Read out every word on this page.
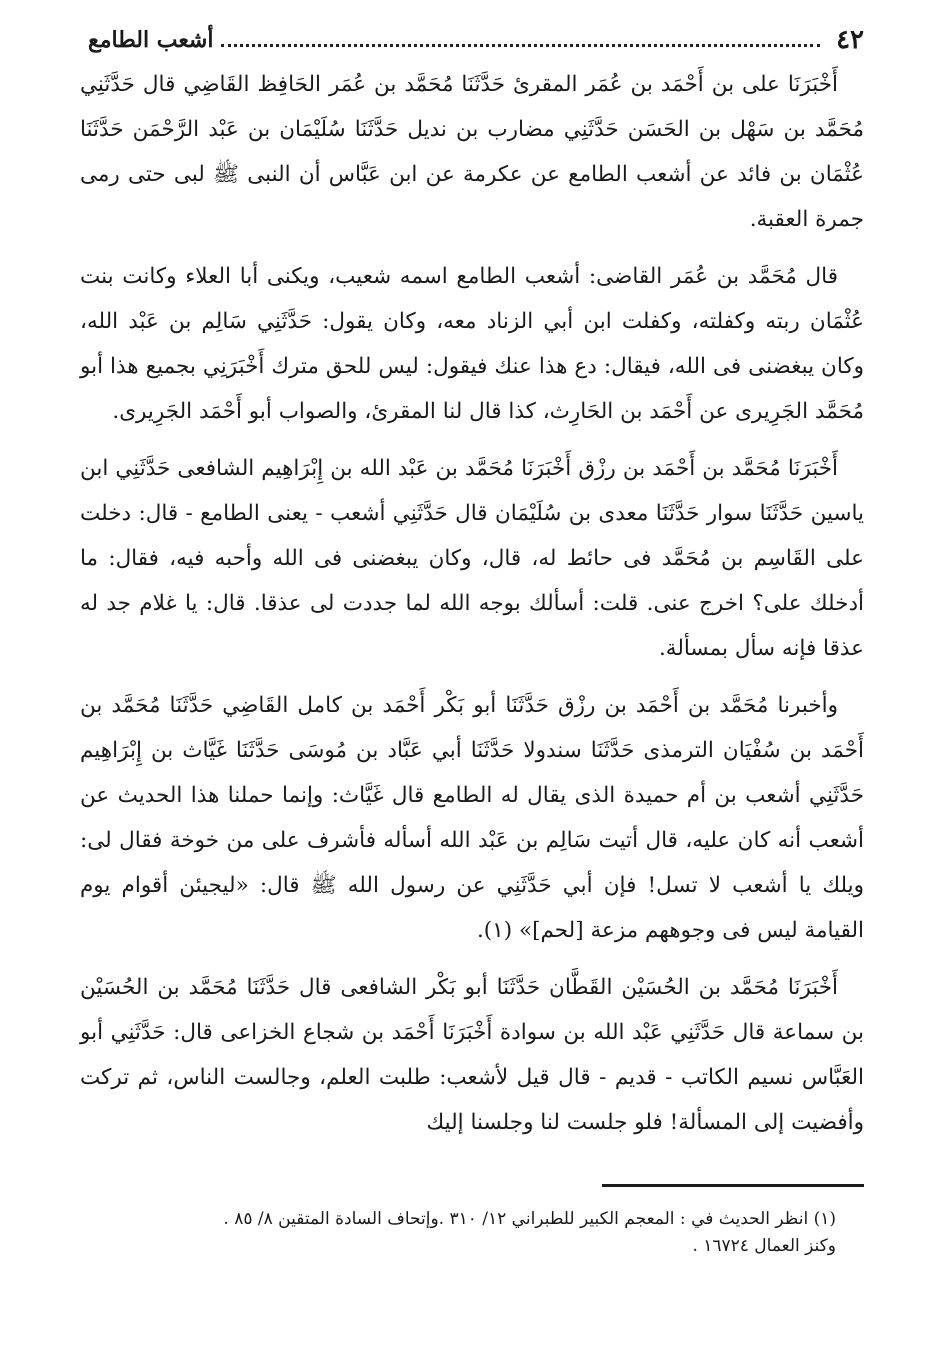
٤٢
أشعب الطامع

أَخْبَرَنَا على بن أَحْمَد بن عُمَر المقرئ حَدَّثَنَا مُحَمَّد بن عُمَر الحَافِظ القَاضِي قال حَدَّثَنِي مُحَمَّد بن سَهْل بن الحَسَن حَدَّثَنِي مضارب بن نديل حَدَّثَنَا سُلَيْمَان بن عَبْد الرَّحْمَن حَدَّثَنَا عُثْمَان بن فائد عن أشعب الطامع عن عكرمة عن ابن عَبَّاس أن النبى ﷺ لبى حتى رمى جمرة العقبة.

قال مُحَمَّد بن عُمَر القاضى: أشعب الطامع اسمه شعيب، ويكنى أبا العلاء وكانت بنت عُثْمَان ربته وكفلته، وكفلت ابن أبي الزناد معه، وكان يقول: حَدَّثَنِي سَالِم بن عَبْد الله، وكان يبغضنى فى الله، فيقال: دع هذا عنك فيقول: ليس للحق مترك أَخْبَرَنِي بجميع هذا أبو مُحَمَّد الجَرِيرى عن أَحْمَد بن الحَارِث، كذا قال لنا المقرئ، والصواب أبو أَحْمَد الجَرِيرى.

أَخْبَرَنَا مُحَمَّد بن أَحْمَد بن رزْق أَخْبَرَنَا مُحَمَّد بن عَبْد الله بن إِبْرَاهِيم الشافعى حَدَّثَنِي ابن ياسين حَدَّثَنَا سوار حَدَّثَنَا معدى بن سُلَيْمَان قال حَدَّثَنِي أشعب - يعنى الطامع - قال: دخلت على القَاسِم بن مُحَمَّد فى حائط له، قال، وكان يبغضنى فى الله وأحبه فيه، فقال: ما أدخلك على؟ اخرج عنى. قلت: أسألك بوجه الله لما جددت لى عذقا. قال: يا غلام جد له عذقا فإنه سأل بمسألة.

وأخبرنا مُحَمَّد بن أَحْمَد بن رزْق حَدَّثَنَا أبو بَكْر أَحْمَد بن كامل القَاضِي حَدَّثَنَا مُحَمَّد بن أَحْمَد بن سُفْيَان الترمذى حَدَّثَنَا سندولا حَدَّثَنَا أبي عَبَّاد بن مُوسَى حَدَّثَنَا غَيَّاث بن إِبْرَاهِيم حَدَّثَنِي أشعب بن أم حميدة الذى يقال له الطامع قال غَيَّاث: وإنما حملنا هذا الحديث عن أشعب أنه كان عليه، قال أتيت سَالِم بن عَبْد الله أسأله فأشرف على من خوخة فقال لى: ويلك يا أشعب لا تسل! فإن أبي حَدَّثَنِي عن رسول الله ﷺ قال: «ليجيئن أقوام يوم القيامة ليس فى وجوههم مزعة [لحم]» (١).

أَخْبَرَنَا مُحَمَّد بن الحُسَيْن القَطَّان حَدَّثَنَا أبو بَكْر الشافعى قال حَدَّثَنَا مُحَمَّد بن الحُسَيْن بن سماعة قال حَدَّثَنِي عَبْد الله بن سوادة أَخْبَرَنَا أَحْمَد بن شجاع الخزاعى قال: حَدَّثَنِي أبو العَبَّاس نسيم الكاتب - قديم - قال قيل لأشعب: طلبت العلم، وجالست الناس، ثم تركت وأفضيت إلى المسألة! فلو جلست لنا وجلسنا إليك

(١) انظر الحديث في : المعجم الكبير للطبراني ١٢/ ٣١٠ .وإتحاف السادة المتقين ٨/ ٨٥ .

وكنز العمال ١٦٧٢٤ .
